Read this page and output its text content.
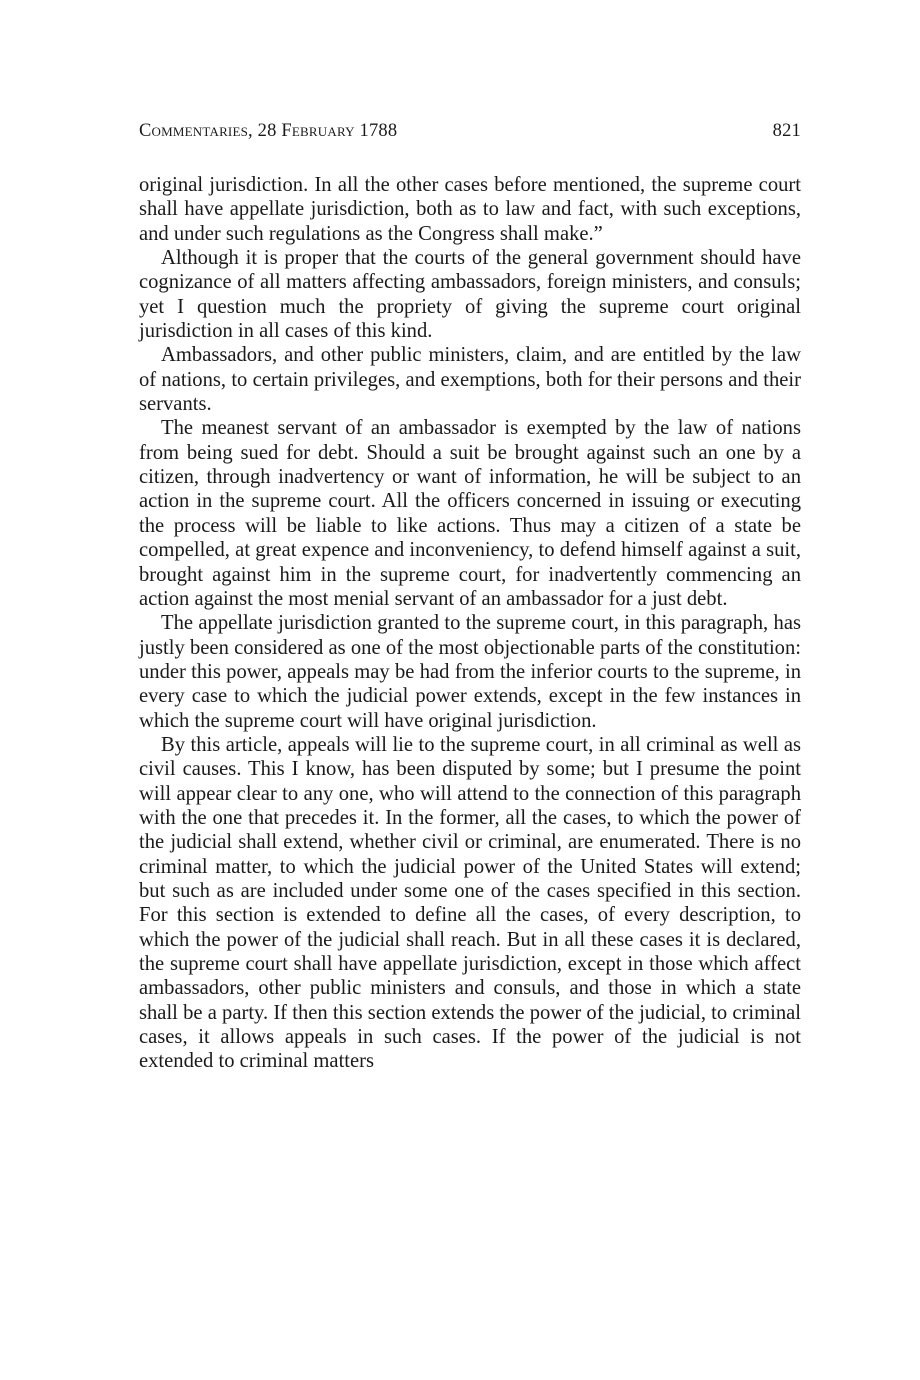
Commentaries, 28 February 1788	821

original jurisdiction. In all the other cases before mentioned, the supreme court shall have appellate jurisdiction, both as to law and fact, with such exceptions, and under such regulations as the Congress shall make.”

Although it is proper that the courts of the general government should have cognizance of all matters affecting ambassadors, foreign ministers, and consuls; yet I question much the propriety of giving the supreme court original jurisdiction in all cases of this kind.

Ambassadors, and other public ministers, claim, and are entitled by the law of nations, to certain privileges, and exemptions, both for their persons and their servants.

The meanest servant of an ambassador is exempted by the law of nations from being sued for debt. Should a suit be brought against such an one by a citizen, through inadvertency or want of information, he will be subject to an action in the supreme court. All the officers concerned in issuing or executing the process will be liable to like actions. Thus may a citizen of a state be compelled, at great expence and inconveniency, to defend himself against a suit, brought against him in the supreme court, for inadvertently commencing an action against the most menial servant of an ambassador for a just debt.

The appellate jurisdiction granted to the supreme court, in this paragraph, has justly been considered as one of the most objectionable parts of the constitution: under this power, appeals may be had from the inferior courts to the supreme, in every case to which the judicial power extends, except in the few instances in which the supreme court will have original jurisdiction.

By this article, appeals will lie to the supreme court, in all criminal as well as civil causes. This I know, has been disputed by some; but I presume the point will appear clear to any one, who will attend to the connection of this paragraph with the one that precedes it. In the former, all the cases, to which the power of the judicial shall extend, whether civil or criminal, are enumerated. There is no criminal matter, to which the judicial power of the United States will extend; but such as are included under some one of the cases specified in this section. For this section is extended to define all the cases, of every description, to which the power of the judicial shall reach. But in all these cases it is declared, the supreme court shall have appellate jurisdiction, except in those which affect ambassadors, other public ministers and consuls, and those in which a state shall be a party. If then this section extends the power of the judicial, to criminal cases, it allows appeals in such cases. If the power of the judicial is not extended to criminal matters
